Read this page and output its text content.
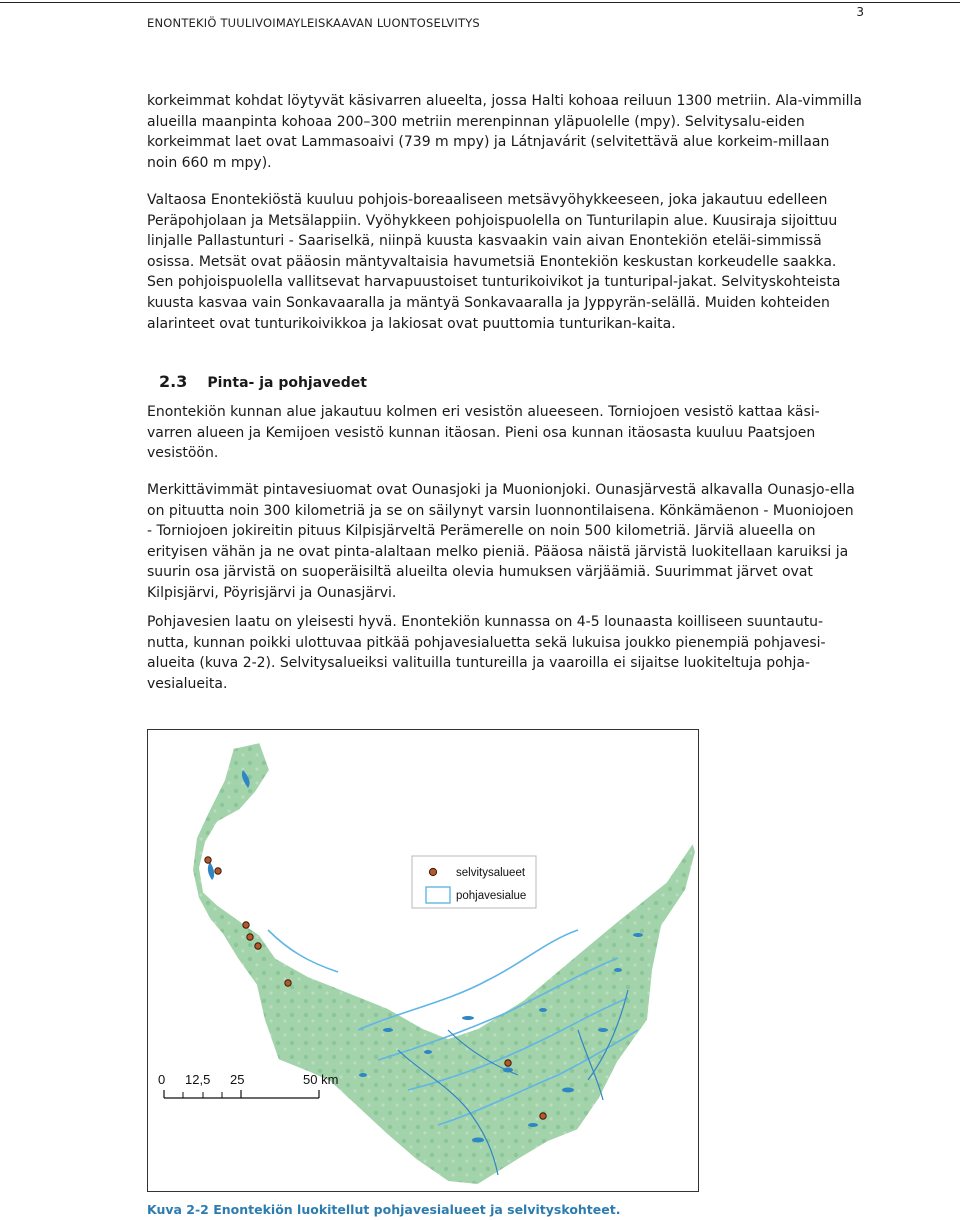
3
ENONTEKIÖ TUULIVOIMAYLEISKAAVAN LUONTOSELVITYS

korkeimmat kohdat löytyvät käsivarren alueelta, jossa Halti kohoaa reiluun 1300 metriin. Ala-vimmilla alueilla maanpinta kohoaa 200–300 metriin merenpinnan yläpuolelle (mpy). Selvitysalu-eiden korkeimmat laet ovat Lammasoaivi (739 m mpy) ja Látnjavárit (selvitettävä alue korkeim-millaan noin 660 m mpy).

Valtaosa Enontekiöstä kuuluu pohjois-boreaaliseen metsävyöhykkeeseen, joka jakautuu edelleen Peräpohjolaan ja Metsälappiin. Vyöhykkeen pohjoispuolella on Tunturilapin alue. Kuusiraja sijoittuu linjalle Pallastunturi - Saariselkä, niinpä kuusta kasvaakin vain aivan Enontekiön eteläi-simmissä osissa. Metsät ovat pääosin mäntyvaltaisia havumetsiä Enontekiön keskustan korkeudelle saakka. Sen pohjoispuolella vallitsevat harvapuustoiset tunturikoivikot ja tunturipal-jakat. Selvityskohteista kuusta kasvaa vain Sonkavaaralla ja mäntyä Sonkavaaralla ja Jyppyrän-selällä. Muiden kohteiden alarinteet ovat tunturikoivikkoa ja lakiosat ovat puuttomia tunturikan-kaita.

2.3 Pinta- ja pohjavedet

Enontekiön kunnan alue jakautuu kolmen eri vesistön alueeseen. Torniojoen vesistö kattaa käsi-varren alueen ja Kemijoen vesistö kunnan itäosan. Pieni osa kunnan itäosasta kuuluu Paatsjoen vesistöön.

Merkittävimmät pintavesiuomat ovat Ounasjoki ja Muonionjoki. Ounasjärvestä alkavalla Ounasjo-ella on pituutta noin 300 kilometriä ja se on säilynyt varsin luonnontilaisena. Könkämäenon - Muoniojoen - Torniojoen jokireitin pituus Kilpisjärveltä Perämerelle on noin 500 kilometriä. Järviä alueella on erityisen vähän ja ne ovat pinta-alaltaan melko pieniä. Pääosa näistä järvistä luokitellaan karuiksi ja suurin osa järvistä on suoperäisiltä alueilta olevia humuksen värjäämiä. Suurimmat järvet ovat Kilpisjärvi, Pöyrisjärvi ja Ounasjärvi.

Pohjavesien laatu on yleisesti hyvä. Enontekiön kunnassa on 4-5 lounaasta koilliseen suuntautu-nutta, kunnan poikki ulottuvaa pitkää pohjavesialuetta sekä lukuisa joukko pienempiä pohjavesi-alueita (kuva 2-2). Selvitysalueiksi valituilla tuntureilla ja vaaroilla ei sijaitse luokiteltuja pohja-vesialueita.

selvitysalueet
pohjavesialue
0 12,5 25	50 km
Kuva 2-2 Enontekiön luokitellut pohjavesialueet ja selvityskohteet.
